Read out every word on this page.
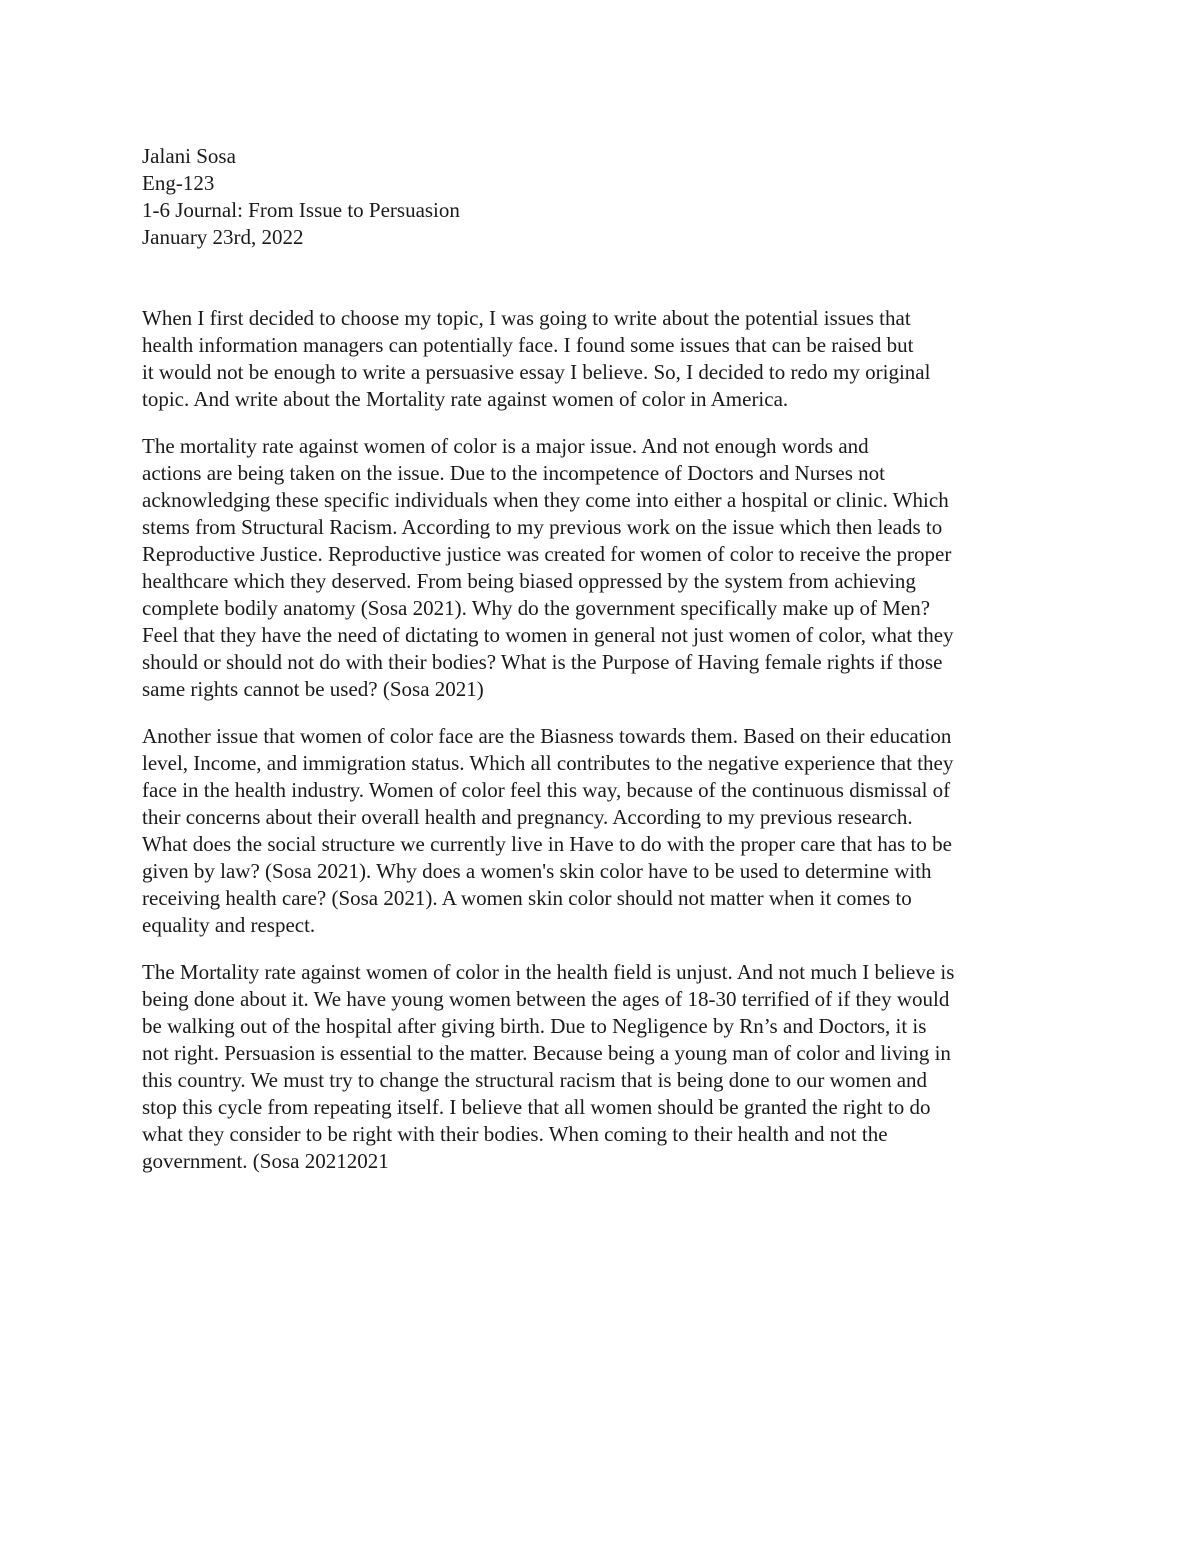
Jalani Sosa
Eng-123
1-6 Journal: From Issue to Persuasion
January 23rd, 2022

When I first decided to choose my topic, I was going to write about the potential issues that
health information managers can potentially face. I found some issues that can be raised but
it would not be enough to write a persuasive essay I believe. So, I decided to redo my original
topic. And write about the Mortality rate against women of color in America.

The mortality rate against women of color is a major issue. And not enough words and
actions are being taken on the issue. Due to the incompetence of Doctors and Nurses not
acknowledging these specific individuals when they come into either a hospital or clinic. Which
stems from Structural Racism. According to my previous work on the issue which then leads to
Reproductive Justice. Reproductive justice was created for women of color to receive the proper
healthcare which they deserved. From being biased oppressed by the system from achieving
complete bodily anatomy (Sosa 2021). Why do the government specifically make up of Men?
Feel that they have the need of dictating to women in general not just women of color, what they
should or should not do with their bodies? What is the Purpose of Having female rights if those
same rights cannot be used? (Sosa 2021)

Another issue that women of color face are the Biasness towards them. Based on their education
level, Income, and immigration status. Which all contributes to the negative experience that they
face in the health industry. Women of color feel this way, because of the continuous dismissal of
their concerns about their overall health and pregnancy. According to my previous research.
What does the social structure we currently live in Have to do with the proper care that has to be
given by law? (Sosa 2021). Why does a women's skin color have to be used to determine with
receiving health care? (Sosa 2021). A women skin color should not matter when it comes to
equality and respect.

The Mortality rate against women of color in the health field is unjust. And not much I believe is
being done about it. We have young women between the ages of 18-30 terrified of if they would
be walking out of the hospital after giving birth. Due to Negligence by Rn’s and Doctors, it is
not right. Persuasion is essential to the matter. Because being a young man of color and living in
this country. We must try to change the structural racism that is being done to our women and
stop this cycle from repeating itself. I believe that all women should be granted the right to do
what they consider to be right with their bodies. When coming to their health and not the
government. (Sosa 20212021
